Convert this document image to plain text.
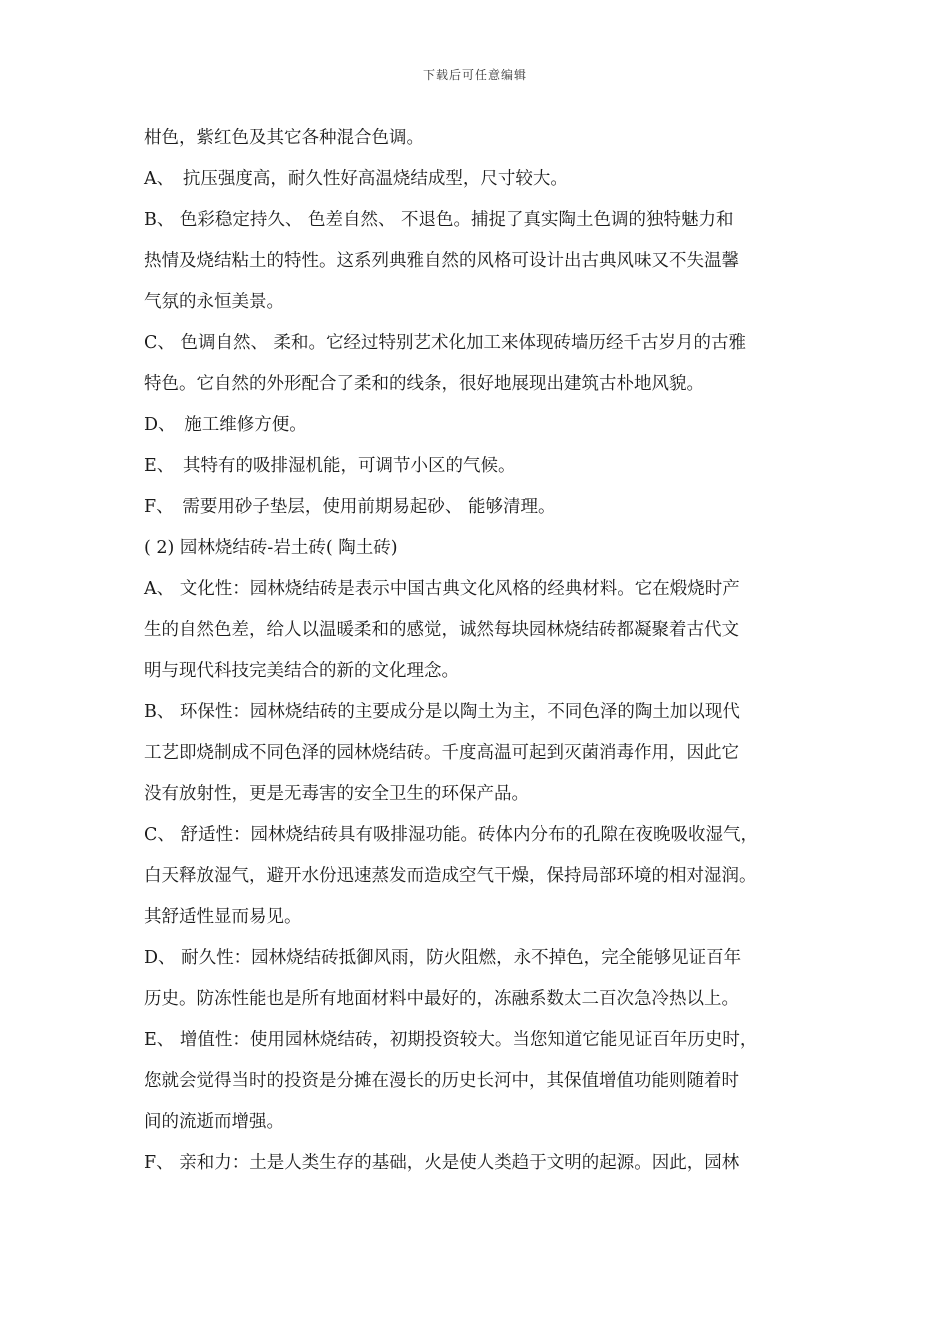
下载后可任意编辑
柑色，紫红色及其它各种混合色调。
A、　抗压强度高，耐久性好高温烧结成型，尺寸较大。
B、 色彩稳定持久、 色差自然、 不退色。捕捉了真实陶土色调的独特魅力和
热情及烧结粘土的特性。这系列典雅自然的风格可设计出古典风味又不失温馨
气氛的永恒美景。
C、 色调自然、 柔和。它经过特别艺术化加工来体现砖墙历经千古岁月的古雅
特色。它自然的外形配合了柔和的线条，很好地展现出建筑古朴地风貌。
D、　施工维修方便。
E、　其特有的吸排湿机能，可调节小区的气候。
F、　需要用砂子垫层，使用前期易起砂、 能够清理。
( 2) 园林烧结砖-岩土砖( 陶土砖)
A、 文化性：园林烧结砖是表示中国古典文化风格的经典材料。它在煅烧时产
生的自然色差，给人以温暖柔和的感觉，诚然每块园林烧结砖都凝聚着古代文
明与现代科技完美结合的新的文化理念。
B、 环保性：园林烧结砖的主要成分是以陶土为主，不同色泽的陶土加以现代
工艺即烧制成不同色泽的园林烧结砖。千度高温可起到灭菌消毒作用，因此它
没有放射性，更是无毒害的安全卫生的环保产品。
C、 舒适性：园林烧结砖具有吸排湿功能。砖体内分布的孔隙在夜晚吸收湿气，
白天释放湿气，避开水份迅速蒸发而造成空气干燥，保持局部环境的相对湿润。
其舒适性显而易见。
D、 耐久性：园林烧结砖抵御风雨，防火阻燃，永不掉色，完全能够见证百年
历史。防冻性能也是所有地面材料中最好的，冻融系数太二百次急冷热以上。
E、 增值性：使用园林烧结砖，初期投资较大。当您知道它能见证百年历史时，
您就会觉得当时的投资是分摊在漫长的历史长河中，其保值增值功能则随着时
间的流逝而增强。
F、 亲和力：土是人类生存的基础，火是使人类趋于文明的起源。因此，园林
